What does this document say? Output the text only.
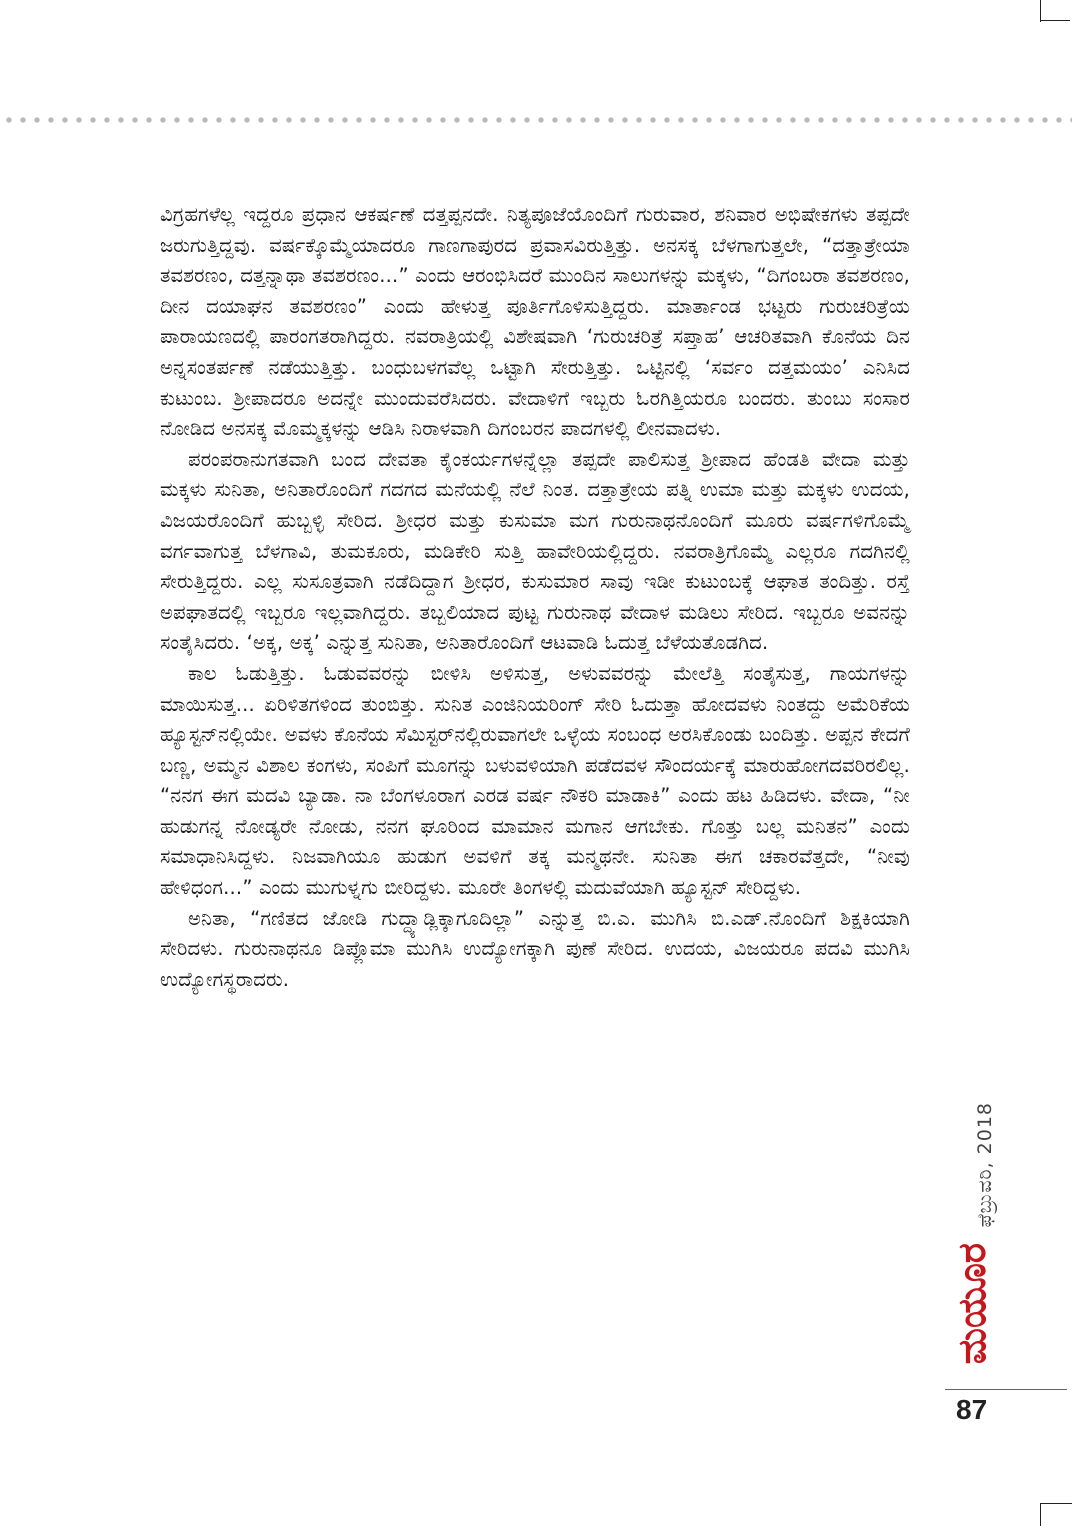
ವಿಗ್ರಹಗಳೆಲ್ಲ ಇದ್ದರೂ ಪ್ರಧಾನ ಆಕರ್ಷಣೆ ದತ್ತಪ್ಪನದೇ. ನಿತ್ಯಪೂಜೆಯೊಂದಿಗೆ ಗುರುವಾರ, ಶನಿವಾರ ಅಭಿಷೇಕಗಳು ತಪ್ಪದೇ ಜರುಗುತ್ತಿದ್ದವು. ವರ್ಷಕ್ಕೊಮ್ಮೆಯಾದರೂ ಗಾಣಗಾಪುರದ ಪ್ರವಾಸವಿರುತ್ತಿತ್ತು. ಅನಸಕ್ಕ ಬೆಳಗಾಗುತ್ತಲೇ, “ದತ್ತಾತ್ರೇಯಾ ತವಶರಣಂ, ದತ್ತನ್ನಾಥಾ ತವಶರಣಂ...” ಎಂದು ಆರಂಭಿಸಿದರೆ ಮುಂದಿನ ಸಾಲುಗಳನ್ನು ಮಕ್ಕಳು, “ದಿಗಂಬರಾ ತವಶರಣಂ, ದೀನ ದಯಾಘನ ತವಶರಣಂ” ಎಂದು ಹೇಳುತ್ತ ಪೂರ್ತಿಗೊಳಿಸುತ್ತಿದ್ದರು. ಮಾರ್ತಾಂಡ ಭಟ್ಟರು ಗುರುಚರಿತ್ರೆಯ ಪಾರಾಯಣದಲ್ಲಿ ಪಾರಂಗತರಾಗಿದ್ದರು. ನವರಾತ್ರಿಯಲ್ಲಿ ವಿಶೇಷವಾಗಿ ‘ಗುರುಚರಿತ್ರೆ ಸಪ್ತಾಹ’ ಆಚರಿತವಾಗಿ ಕೊನೆಯ ದಿನ ಅನ್ನಸಂತರ್ಪಣೆ ನಡೆಯುತ್ತಿತ್ತು. ಬಂಧುಬಳಗವೆಲ್ಲ ಒಟ್ಟಾಗಿ ಸೇರುತ್ತಿತ್ತು. ಒಟ್ಟಿನಲ್ಲಿ ‘ಸರ್ವಂ ದತ್ತಮಯಂ’ ಎನಿಸಿದ ಕುಟುಂಬ. ಶ್ರೀಪಾದರೂ ಅದನ್ನೇ ಮುಂದುವರೆಸಿದರು. ವೇದಾಳಿಗೆ ಇಬ್ಬರು ಓರಗಿತ್ತಿಯರೂ ಬಂದರು. ತುಂಬು ಸಂಸಾರ ನೋಡಿದ ಅನಸಕ್ಕ ಮೊಮ್ಮಕ್ಕಳನ್ನು ಆಡಿಸಿ ನಿರಾಳವಾಗಿ ದಿಗಂಬರನ ಪಾದಗಳಲ್ಲಿ ಲೀನವಾದಳು.

ಪರಂಪರಾನುಗತವಾಗಿ ಬಂದ ದೇವತಾ ಕೈಂಕರ್ಯಗಳನ್ನೆಲ್ಲಾ ತಪ್ಪದೇ ಪಾಲಿಸುತ್ತ ಶ್ರೀಪಾದ ಹೆಂಡತಿ ವೇದಾ ಮತ್ತು ಮಕ್ಕಳು ಸುನಿತಾ, ಅನಿತಾರೊಂದಿಗೆ ಗದಗದ ಮನೆಯಲ್ಲಿ ನೆಲೆ ನಿಂತ. ದತ್ತಾತ್ರೇಯ ಪತ್ನಿ ಉಮಾ ಮತ್ತು ಮಕ್ಕಳು ಉದಯ, ವಿಜಯರೊಂದಿಗೆ ಹುಬ್ಬಳ್ಳಿ ಸೇರಿದ. ಶ್ರೀಧರ ಮತ್ತು ಕುಸುಮಾ ಮಗ ಗುರುನಾಥನೊಂದಿಗೆ ಮೂರು ವರ್ಷಗಳಿಗೊಮ್ಮೆ ವರ್ಗವಾಗುತ್ತ ಬೆಳಗಾವಿ, ತುಮಕೂರು, ಮಡಿಕೇರಿ ಸುತ್ತಿ ಹಾವೇರಿಯಲ್ಲಿದ್ದರು. ನವರಾತ್ರಿಗೊಮ್ಮೆ ಎಲ್ಲರೂ ಗದಗಿನಲ್ಲಿ ಸೇರುತ್ತಿದ್ದರು. ಎಲ್ಲ ಸುಸೂತ್ರವಾಗಿ ನಡೆದಿದ್ದಾಗ ಶ್ರೀಧರ, ಕುಸುಮಾರ ಸಾವು ಇಡೀ ಕುಟುಂಬಕ್ಕೆ ಆಘಾತ ತಂದಿತ್ತು. ರಸ್ತೆ ಅಪಘಾತದಲ್ಲಿ ಇಬ್ಬರೂ ಇಲ್ಲವಾಗಿದ್ದರು. ತಬ್ಬಲಿಯಾದ ಪುಟ್ಟ ಗುರುನಾಥ ವೇದಾಳ ಮಡಿಲು ಸೇರಿದ. ಇಬ್ಬರೂ ಅವನನ್ನು ಸಂತೈಸಿದರು. ‘ಅಕ್ಕ, ಅಕ್ಕ’ ಎನ್ನುತ್ತ ಸುನಿತಾ, ಅನಿತಾರೊಂದಿಗೆ ಆಟವಾಡಿ ಓದುತ್ತ ಬೆಳೆಯತೊಡಗಿದ.

ಕಾಲ ಓಡುತ್ತಿತ್ತು. ಓಡುವವರನ್ನು ಬೀಳಿಸಿ ಅಳಿಸುತ್ತ, ಅಳುವವರನ್ನು ಮೇಲೆತ್ತಿ ಸಂತೈಸುತ್ತ, ಗಾಯಗಳನ್ನು ಮಾಯಿಸುತ್ತ... ಏರಿಳಿತಗಳಿಂದ ತುಂಬಿತ್ತು. ಸುನಿತ ಎಂಜಿನಿಯರಿಂಗ್ ಸೇರಿ ಓದುತ್ತಾ ಹೋದವಳು ನಿಂತದ್ದು ಅಮೆರಿಕೆಯ ಹ್ಯೂಸ್ಟನ್‌ನಲ್ಲಿಯೇ. ಅವಳು ಕೊನೆಯ ಸೆಮಿಸ್ಟರ್‌ನಲ್ಲಿರುವಾಗಲೇ ಒಳ್ಳೆಯ ಸಂಬಂಧ ಅರಸಿಕೊಂಡು ಬಂದಿತ್ತು. ಅಪ್ಪನ ಕೇದಗೆ ಬಣ್ಣ, ಅಮ್ಮನ ವಿಶಾಲ ಕಂಗಳು, ಸಂಪಿಗೆ ಮೂಗನ್ನು ಬಳುವಳಿಯಾಗಿ ಪಡೆದವಳ ಸೌಂದರ್ಯಕ್ಕೆ ಮಾರುಹೋಗದವರಿರಲಿಲ್ಲ. “ನನಗ ಈಗ ಮದವಿ ಬ್ಯಾಡಾ. ನಾ ಬೆಂಗಳೂರಾಗ ಎರಡ ವರ್ಷ ನೌಕರಿ ಮಾಡಾಕಿ” ಎಂದು ಹಟ ಹಿಡಿದಳು. ವೇದಾ, “ನೀ ಹುಡುಗನ್ನ ನೋಡ್ಯರೇ ನೋಡು, ನನಗ ಘೂರಿಂದ ಮಾಮಾನ ಮಗಾನ ಆಗಬೇಕು. ಗೊತ್ತು ಬಲ್ಲ ಮನಿತನ” ಎಂದು ಸಮಾಧಾನಿಸಿದ್ದಳು. ನಿಜವಾಗಿಯೂ ಹುಡುಗ ಅವಳಿಗೆ ತಕ್ಕ ಮನ್ಮಥನೇ. ಸುನಿತಾ ಈಗ ಚಕಾರವೆತ್ತದೇ, “ನೀವು ಹೇಳಿಧಂಗ...” ಎಂದು ಮುಗುಳ್ನಗು ಬೀರಿದ್ದಳು. ಮೂರೇ ತಿಂಗಳಲ್ಲಿ ಮದುವೆಯಾಗಿ ಹ್ಯೂಸ್ಟನ್ ಸೇರಿದ್ದಳು.

ಅನಿತಾ, “ಗಣಿತದ ಜೋಡಿ ಗುದ್ದ್ಯಾಡ್ಲಿಕ್ಕಾಗೂದಿಲ್ಲಾ” ಎನ್ನುತ್ತ ಬಿ.ಎ. ಮುಗಿಸಿ ಬಿ.ಎಡ್.ನೊಂದಿಗೆ ಶಿಕ್ಷಕಿಯಾಗಿ ಸೇರಿದಳು. ಗುರುನಾಥನೂ ಡಿಪ್ಲೊಮಾ ಮುಗಿಸಿ ಉದ್ಯೋಗಕ್ಕಾಗಿ ಪುಣೆ ಸೇರಿದ. ಉದಯ, ವಿಜಯರೂ ಪದವಿ ಮುಗಿಸಿ ಉದ್ಯೋಗಸ್ಥರಾದರು.

ಫೆಬ್ರುವರಿ, 2018
ಮಯೂರ
87
